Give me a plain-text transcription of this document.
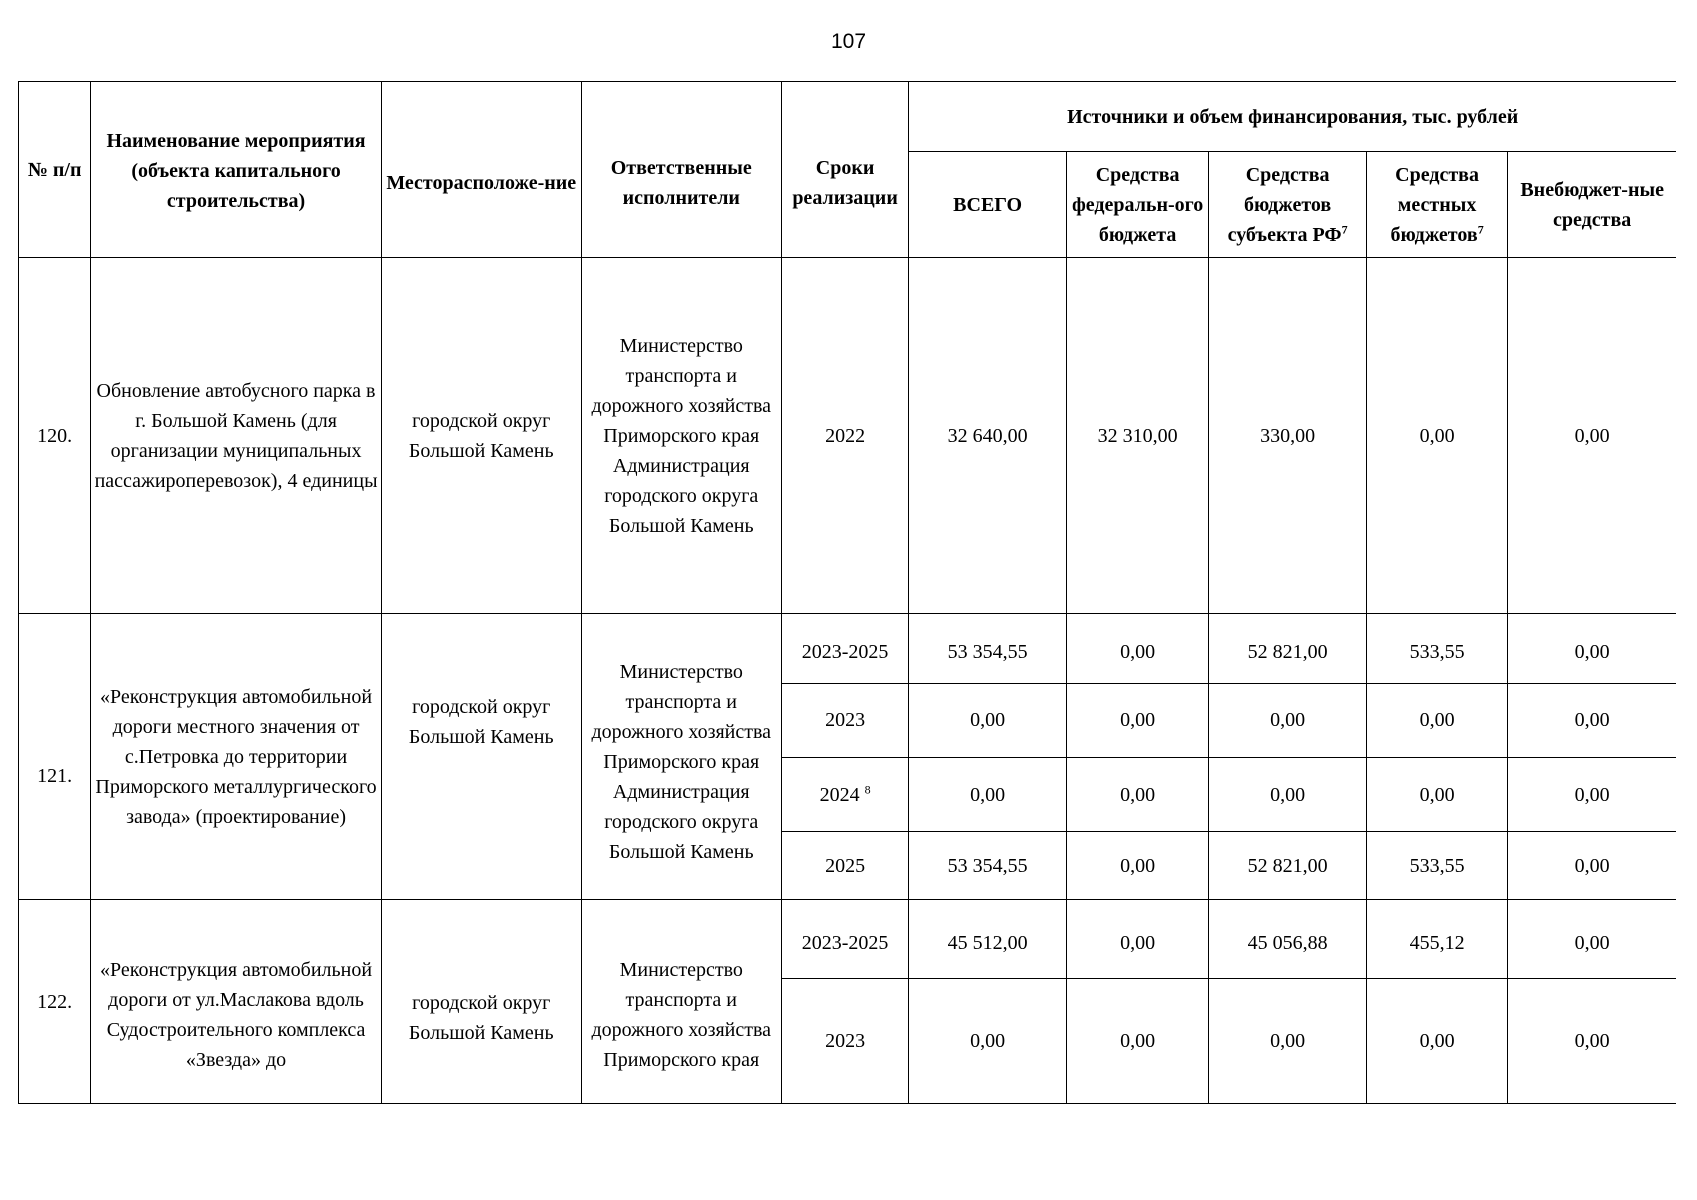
107
№ п/п	Наименование мероприятия (объекта капитального строительства)	Месторасположе-ние	Ответственные исполнители	Сроки реализации	Источники и объем финансирования, тыс. рублей				
					ВСЕГО	Средства федеральн-ого бюджета	Средства бюджетов субъекта $РФ^7$	Средства местных бюджетов$^7$	Внебюджет-ные средства
120.	Обновление автобусного парка в г. Большой Камень (для организации муниципальных пассажироперевозок), 4 единицы	городской округ Большой Камень	Министерство транспорта и дорожного хозяйства Приморского края Администрация городского округа Большой Камень	2022	32 640,00	32 310,00	330,00	0,00	0,00
121.	«Реконструкция автомобильной дороги местного значения от с.Петровка до территории Приморского металлургического завода» (проектирование)	городской округ Большой Камень	Министерство транспорта и дорожного хозяйства Приморского края Администрация городского округа Большой Камень	2023-2025	53 354,55	0,00	52 821,00	533,55	0,00
				2023	0,00	0,00	0,00	0,00	0,00
				2024 $^8$	0,00	0,00	0,00	0,00	0,00
				2025	53 354,55	0,00	52 821,00	533,55	0,00
122.	«Реконструкция автомобильной дороги от ул.Маслакова вдоль Судостроительного комплекса «Звезда» до	городской округ Большой Камень	Министерство транспорта и дорожного хозяйства Приморского края	2023-2025	45 512,00	0,00	45 056,88	455,12	0,00
				2023	0,00	0,00	0,00	0,00	0,00
